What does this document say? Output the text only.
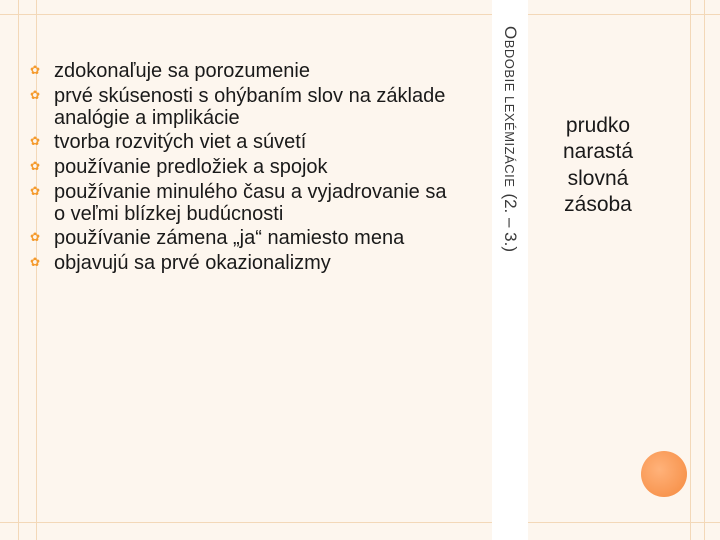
OBDOBIE LEXÉMIZÁCIE
(2. – 3.)
✿ zdokonaľuje sa porozumenie
✿ prvé skúsenosti s ohýbaním slov na základe analógie a implikácie
✿ tvorba rozvitých viet a súvetí
✿ používanie predložiek a spojok
✿ používanie minulého času a vyjadrovanie sa o veľmi blízkej budúcnosti
✿ používanie zámena „ja“ namiesto mena
✿ objavujú sa prvé okazionalizmy
prudko narastá slovná zásoba
